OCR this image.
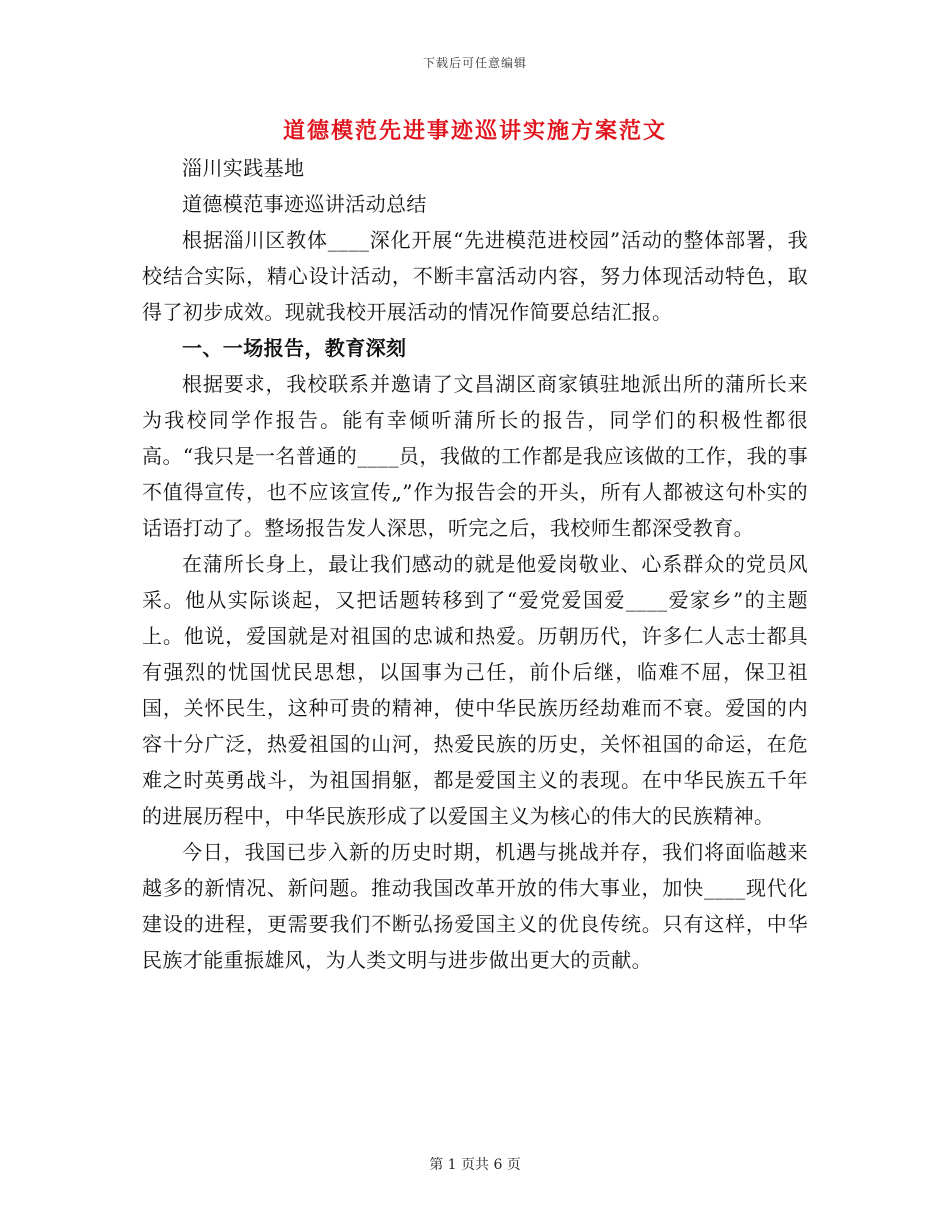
下载后可任意编辑
道德模范先进事迹巡讲实施方案范文

淄川实践基地

道德模范事迹巡讲活动总结

根据淄川区教体____深化开展“先进模范进校园”活动的整体部署，我校结合实际，精心设计活动，不断丰富活动内容，努力体现活动特色，取得了初步成效。现就我校开展活动的情况作简要总结汇报。

一、一场报告，教育深刻

根据要求，我校联系并邀请了文昌湖区商家镇驻地派出所的蒲所长来为我校同学作报告。能有幸倾听蒲所长的报告，同学们的积极性都很高。“我只是一名普通的____员，我做的工作都是我应该做的工作，我的事不值得宣传，也不应该宣传„”作为报告会的开头，所有人都被这句朴实的话语打动了。整场报告发人深思，听完之后，我校师生都深受教育。

在蒲所长身上，最让我们感动的就是他爱岗敬业、心系群众的党员风采。他从实际谈起，又把话题转移到了“爱党爱国爱____爱家乡”的主题上。他说，爱国就是对祖国的忠诚和热爱。历朝历代，许多仁人志士都具有强烈的忧国忧民思想，以国事为己任，前仆后继，临难不屈，保卫祖国，关怀民生，这种可贵的精神，使中华民族历经劫难而不衰。爱国的内容十分广泛，热爱祖国的山河，热爱民族的历史，关怀祖国的命运，在危难之时英勇战斗，为祖国捐躯，都是爱国主义的表现。在中华民族五千年的进展历程中，中华民族形成了以爱国主义为核心的伟大的民族精神。

今日，我国已步入新的历史时期，机遇与挑战并存，我们将面临越来越多的新情况、新问题。推动我国改革开放的伟大事业，加快____现代化建设的进程，更需要我们不断弘扬爱国主义的优良传统。只有这样，中华民族才能重振雄风，为人类文明与进步做出更大的贡献。

第 1 页共 6 页
